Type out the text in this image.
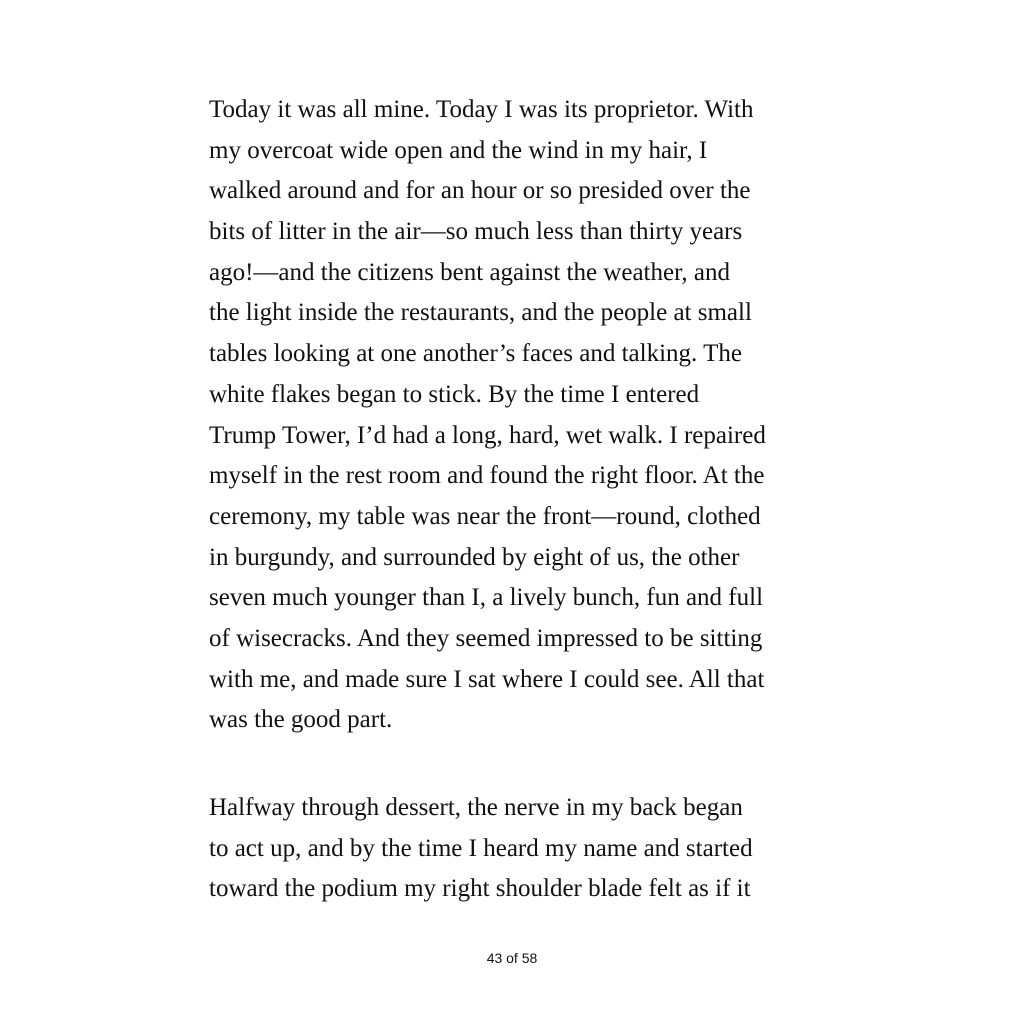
Today it was all mine. Today I was its proprietor. With
my overcoat wide open and the wind in my hair, I
walked around and for an hour or so presided over the
bits of litter in the air—so much less than thirty years
ago!—and the citizens bent against the weather, and
the light inside the restaurants, and the people at small
tables looking at one another’s faces and talking. The
white flakes began to stick. By the time I entered
Trump Tower, I’d had a long, hard, wet walk. I repaired
myself in the rest room and found the right floor. At the
ceremony, my table was near the front—round, clothed
in burgundy, and surrounded by eight of us, the other
seven much younger than I, a lively bunch, fun and full
of wisecracks. And they seemed impressed to be sitting
with me, and made sure I sat where I could see. All that
was the good part.

Halfway through dessert, the nerve in my back began
to act up, and by the time I heard my name and started
toward the podium my right shoulder blade felt as if it

43 of 58
